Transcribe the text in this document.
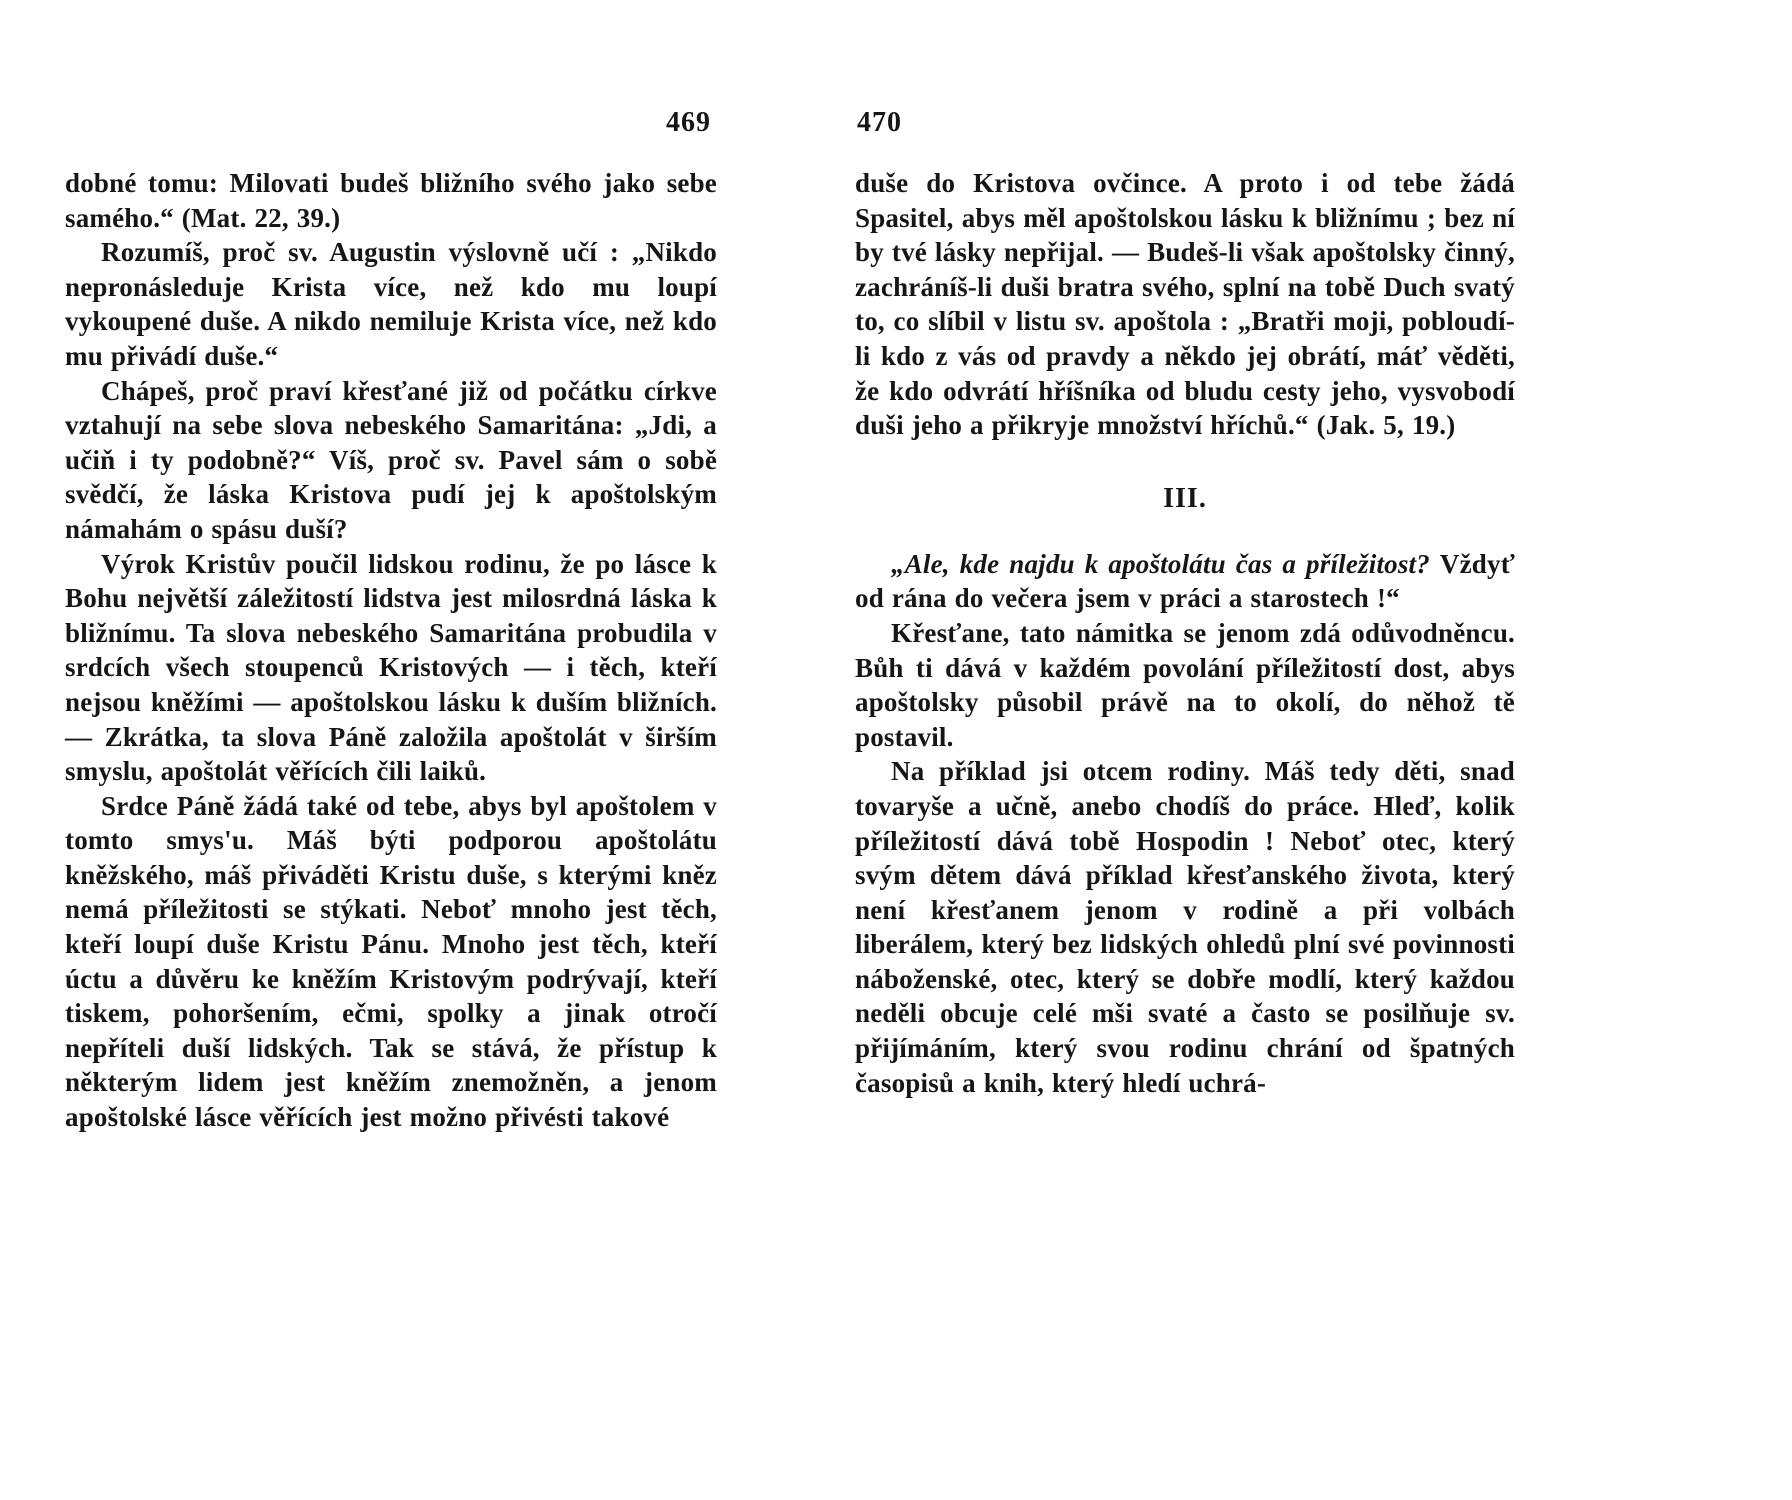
469

dobné tomu: Milovati budeš bližního svého jako sebe samého.“ (Mat. 22, 39.)

Rozumíš, proč sv. Augustin výslovně učí : „Nikdo nepronásleduje Krista více, než kdo mu loupí vykoupené duše. A nikdo nemiluje Krista více, než kdo mu přivádí duše.“

Chápeš, proč praví křesťané již od počátku církve vztahují na sebe slova nebeského Samaritána: „Jdi, a učiň i ty podobně?“ Víš, proč sv. Pavel sám o sobě svědčí, že láska Kristova pudí jej k apoštolským námahám o spásu duší?

Výrok Kristův poučil lidskou rodinu, že po lásce k Bohu největší záležitostí lidstva jest milosrdná láska k bližnímu. Ta slova nebeského Samaritána probudila v srdcích všech stoupenců Kristových — i těch, kteří nejsou kněžími — apoštolskou lásku k duším bližních. — Zkrátka, ta slova Páně založila apoštolát v širším smyslu, apoštolát věřících čili laiků.

Srdce Páně žádá také od tebe, abys byl apoštolem v tomto smys'u. Máš býti podporou apoštolátu kněžského, máš přiváděti Kristu duše, s kterými kněz nemá příležitosti se stýkati. Neboť mnoho jest těch, kteří loupí duše Kristu Pánu. Mnoho jest těch, kteří úctu a důvěru ke kněžím Kristovým podrývají, kteří tiskem, pohoršením, ečmi, spolky a jinak otročí nepříteli duší lidských. Tak se stává, že přístup k některým lidem jest kněžím znemožněn, a jenom apoštolské lásce věřících jest možno přivésti takové

470

duše do Kristova ovčince. A proto i od tebe žádá Spasitel, abys měl apoštolskou lásku k bližnímu ; bez ní by tvé lásky nepřijal. — Budeš-li však apoštolsky činný, zachráníš-li duši bratra svého, splní na tobě Duch svatý to, co slíbil v listu sv. apoštola : „Bratři moji, pobloudí-li kdo z vás od pravdy a někdo jej obrátí, máť věděti, že kdo odvrátí hříšníka od bludu cesty jeho, vysvobodí duši jeho a přikryje množství hříchů.“ (Jak. 5, 19.)

III.

„Ale, kde najdu k apoštolátu čas a příležitost? Vždyť od rána do večera jsem v práci a starostech !“

Křesťane, tato námitka se jenom zdá odůvodněncu. Bůh ti dává v každém povolání příležitostí dost, abys apoštolsky působil právě na to okolí, do něhož tě postavil.

Na příklad jsi otcem rodiny. Máš tedy děti, snad tovaryše a učně, anebo chodíš do práce. Hleď, kolik příležitostí dává tobě Hospodin ! Neboť otec, který svým dětem dává příklad křesťanského života, který není křesťanem jenom v rodině a při volbách liberálem, který bez lidských ohledů plní své povinnosti náboženské, otec, který se dobře modlí, který každou neděli obcuje celé mši svaté a často se posilňuje sv. přijímáním, který svou rodinu chrání od špatných časopisů a knih, který hledí uchrá-
